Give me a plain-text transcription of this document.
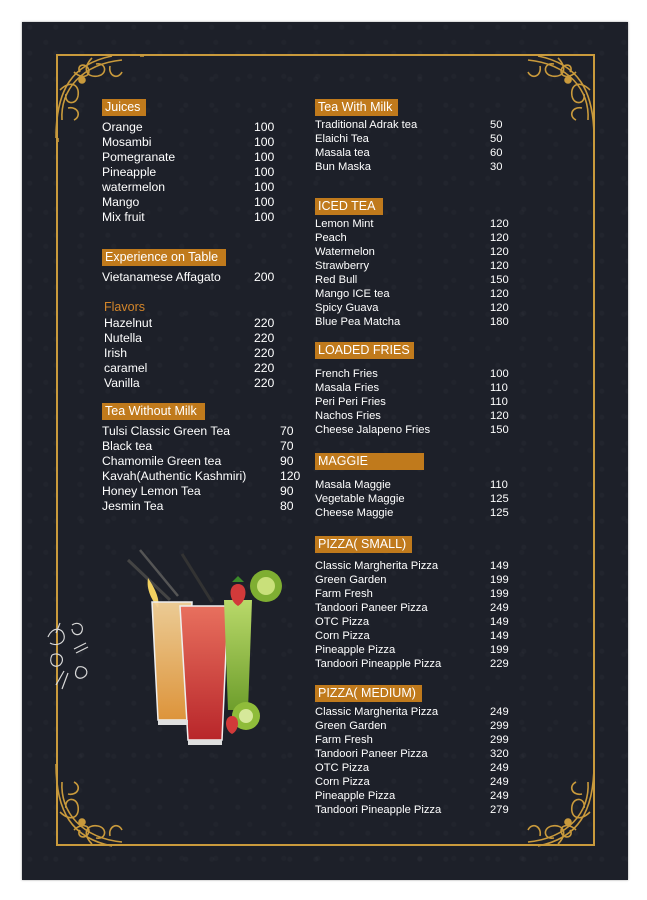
Juices
Orange	100
Mosambi	100
Pomegranate	100
Pineapple	100
watermelon	100
Mango	100
Mix fruit	100
Experience on Table
Vietanamese Affagato	200
Flavors
Hazelnut	220
Nutella	220
Irish	220
caramel	220
Vanilla	220
Tea Without Milk
Tulsi Classic Green Tea	70
Black tea	70
Chamomile Green tea	90
Kavah(Authentic Kashmiri)	120
Honey Lemon Tea	90
Jesmin Tea	80
Tea With Milk
Traditional Adrak tea	50
Elaichi Tea	50
Masala tea	60
Bun Maska	30
ICED TEA
Lemon Mint	120
Peach	120
Watermelon	120
Strawberry	120
Red Bull	150
Mango ICE tea	120
Spicy Guava	120
Blue Pea Matcha	180
LOADED FRIES
French Fries	100
Masala Fries	110
Peri Peri Fries	110
Nachos Fries	120
Cheese Jalapeno Fries	150
MAGGIE
Masala Maggie	110
Vegetable Maggie	125
Cheese Maggie	125
PIZZA( SMALL)
Classic Margherita Pizza	149
Green Garden	199
Farm Fresh	199
Tandoori Paneer Pizza	249
OTC Pizza	149
Corn Pizza	149
Pineapple Pizza	199
Tandoori Pineapple Pizza	229
PIZZA( MEDIUM)
Classic Margherita Pizza	249
Green Garden	299
Farm Fresh	299
Tandoori Paneer Pizza	320
OTC Pizza	249
Corn Pizza	249
Pineapple Pizza	249
Tandoori Pineapple Pizza	279
